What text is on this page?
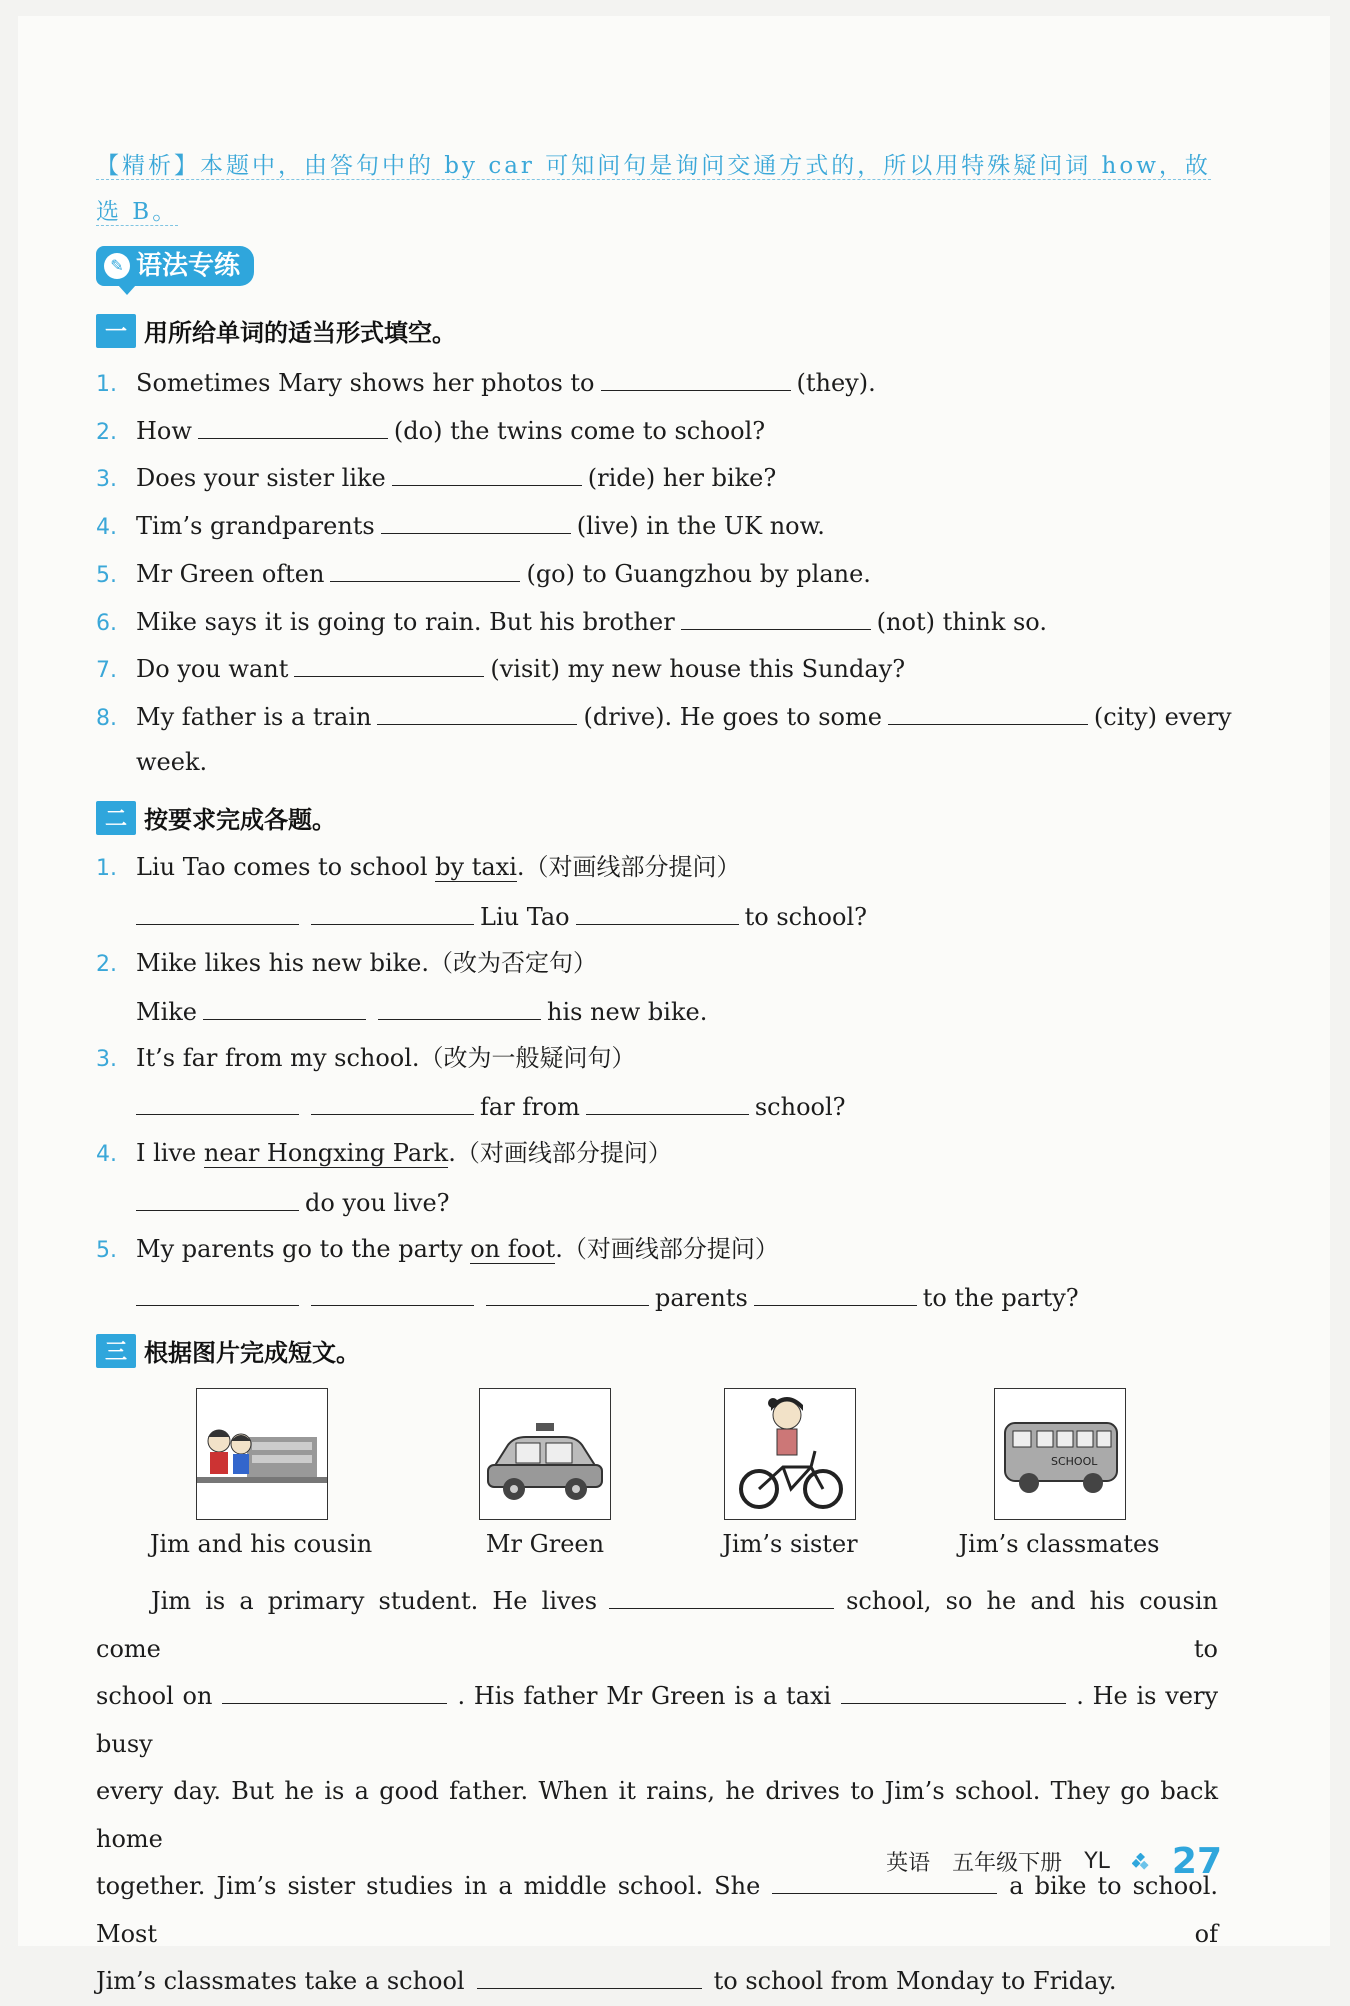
【精析】本题中，由答句中的 by car 可知问句是询问交通方式的，所以用特殊疑问词 how，故
选 B。
✎ 语法专练
一 用所给单词的适当形式填空。
1. Sometimes Mary shows her photos to	(they).
2. How	(do) the twins come to school?
3. Does your sister like	(ride) her bike?
4. Tim’s grandparents	(live) in the UK now.
5. Mr Green often	(go) to Guangzhou by plane.
6. Mike says it is going to rain. But his brother	(not) think so.
7. Do you want	(visit) my new house this Sunday?
8. My father is a train	(drive). He goes to some	(city) every
week.
二 按要求完成各题。
1. Liu Tao comes to school by taxi.（对画线部分提问）
Liu Tao	to school?
2. Mike likes his new bike.（改为否定句）
Mike	his new bike.
3. It’s far from my school.（改为一般疑问句）
far from	school?
4. I live near Hongxing Park.（对画线部分提问）
do you live?
5. My parents go to the party on foot.（对画线部分提问）
parents	to the party?
三 根据图片完成短文。
Jim and his cousin	Mr Green	Jim’s sister
SCHOOL
Jim’s classmates
Jim is a primary student. He lives	school, so he and his cousin come to
school on	. His father Mr Green is a taxi	. He is very busy
every day. But he is a good father. When it rains, he drives to Jim’s school. They go back home
together. Jim’s sister studies in a middle school. She	a bike to school. Most of
Jim’s classmates take a school	to school from Monday to Friday.
英语 五年级下册 YL 27
